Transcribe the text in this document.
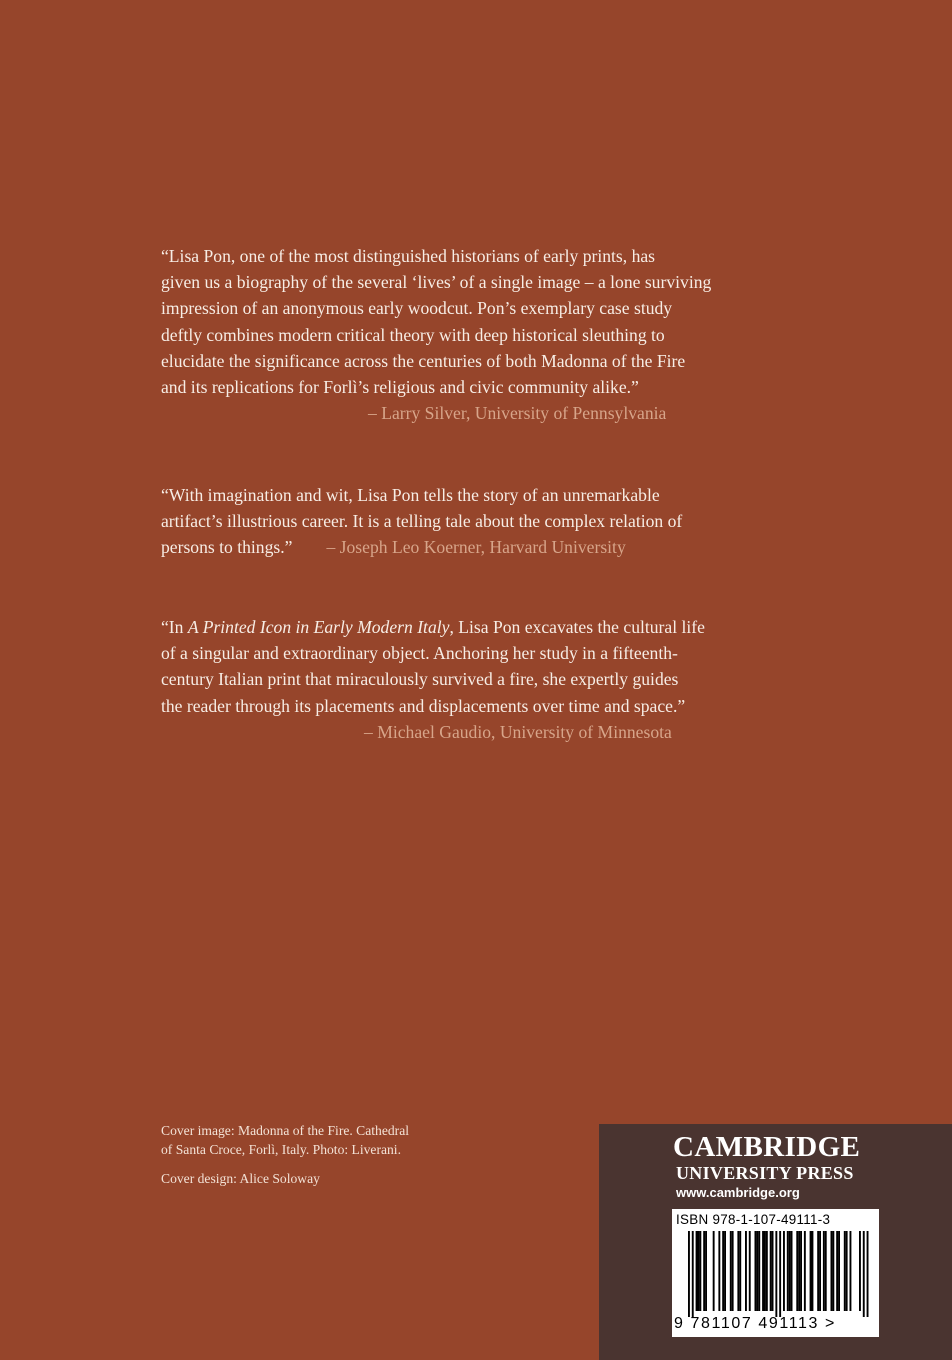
“Lisa Pon, one of the most distinguished historians of early prints, has

given us a biography of the several ‘lives’ of a single image – a lone surviving

impression of an anonymous early woodcut. Pon’s exemplary case study

deftly combines modern critical theory with deep historical sleuthing to

elucidate the significance across the centuries of both Madonna of the Fire

and its replications for Forlì’s religious and civic community alike.”

– Larry Silver, University of Pennsylvania

“With imagination and wit, Lisa Pon tells the story of an unremarkable

artifact’s illustrious career. It is a telling tale about the complex relation of

persons to things.” – Joseph Leo Koerner, Harvard University

“In A Printed Icon in Early Modern Italy, Lisa Pon excavates the cultural life

of a singular and extraordinary object. Anchoring her study in a fifteenth-

century Italian print that miraculously survived a fire, she expertly guides

the reader through its placements and displacements over time and space.”

– Michael Gaudio, University of Minnesota

Cover image: Madonna of the Fire. Cathedral

of Santa Croce, Forlì, Italy. Photo: Liverani.

Cover design: Alice Soloway

CAMBRIDGE
UNIVERSITY PRESS
www.cambridge.org
ISBN 978-1-107-49111-3
9 781107 491113 >
